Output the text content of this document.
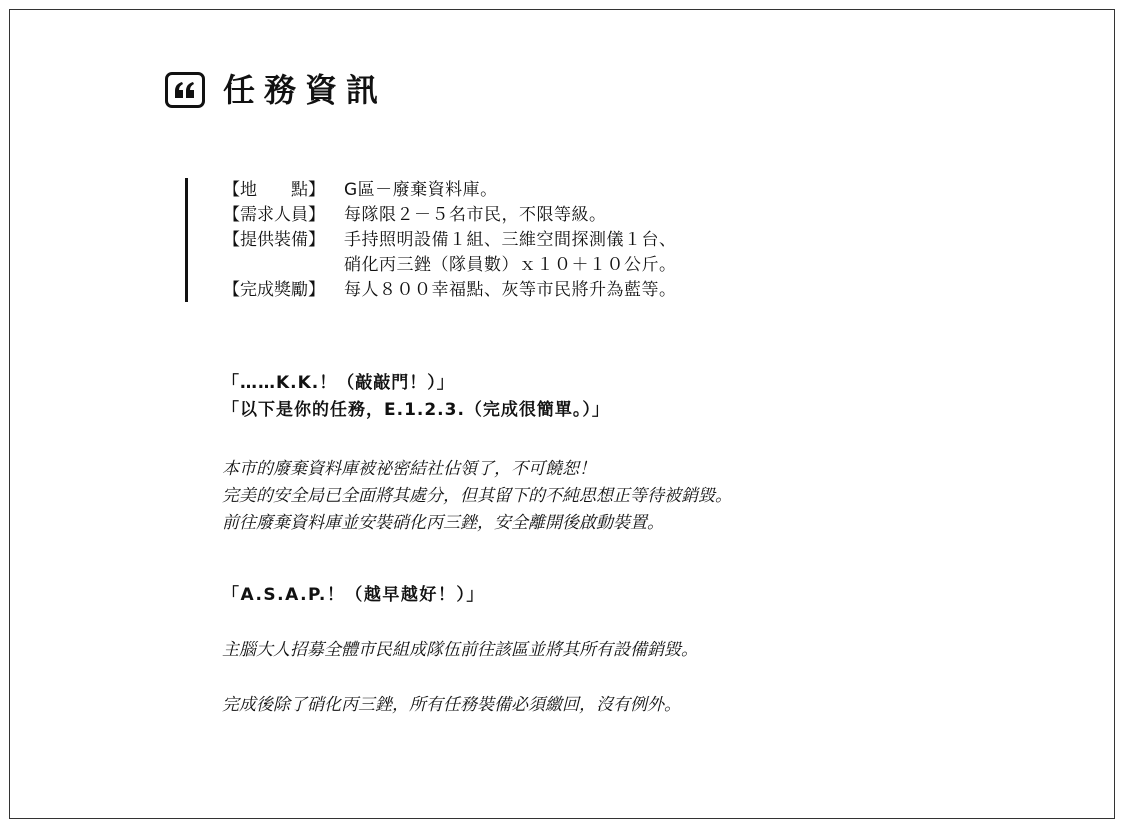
任務資訊
【地　　點】	G區－廢棄資料庫。
【需求人員】	每隊限２－５名市民，不限等級。
【提供裝備】	手持照明設備１組、三維空間探測儀１台、
硝化丙三銼（隊員數）ｘ１０＋１０公斤。
【完成獎勵】	每人８００幸福點、灰等市民將升為藍等。
「……K.K.！（敲敲門！）」
「以下是你的任務，E.1.2.3.（完成很簡單。）」
本市的廢棄資料庫被祕密結社佔領了，不可饒恕！
完美的安全局已全面將其處分，但其留下的不純思想正等待被銷毀。
前往廢棄資料庫並安裝硝化丙三銼，安全離開後啟動裝置。
「A.S.A.P.！（越早越好！）」
主腦大人招募全體市民組成隊伍前往該區並將其所有設備銷毀。
完成後除了硝化丙三銼，所有任務裝備必須繳回，沒有例外。
